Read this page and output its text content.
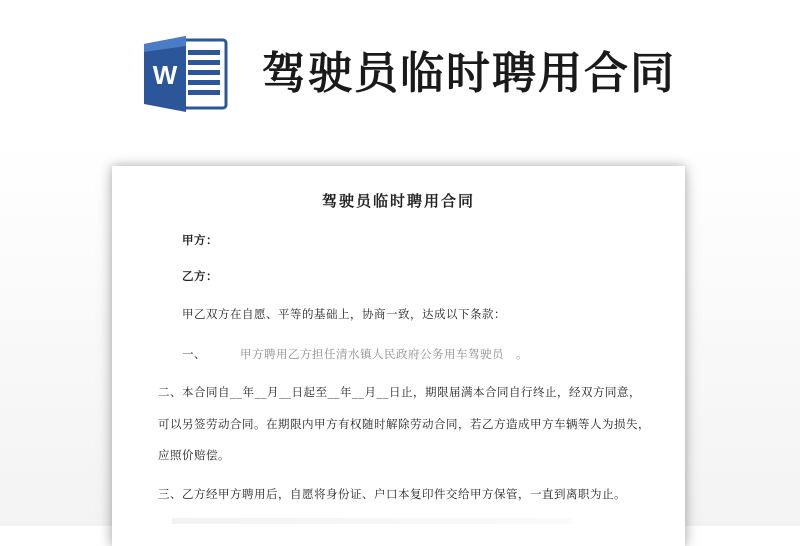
W 驾驶员临时聘用合同
驾驶员临时聘用合同
甲方：
乙方：
甲乙双方在自愿、平等的基础上，协商一致，达成以下条款：
一、	甲方聘用乙方担任清水镇人民政府公务用车驾驶员　。
二、本合同自__年__月__日起至__年__月__日止，期限届满本合同自行终止，经双方同意，
可以另签劳动合同。在期限内甲方有权随时解除劳动合同，若乙方造成甲方车辆等人为损失，
应照价赔偿。
三、乙方经甲方聘用后，自愿将身份证、户口本复印件交给甲方保管，一直到离职为止。
